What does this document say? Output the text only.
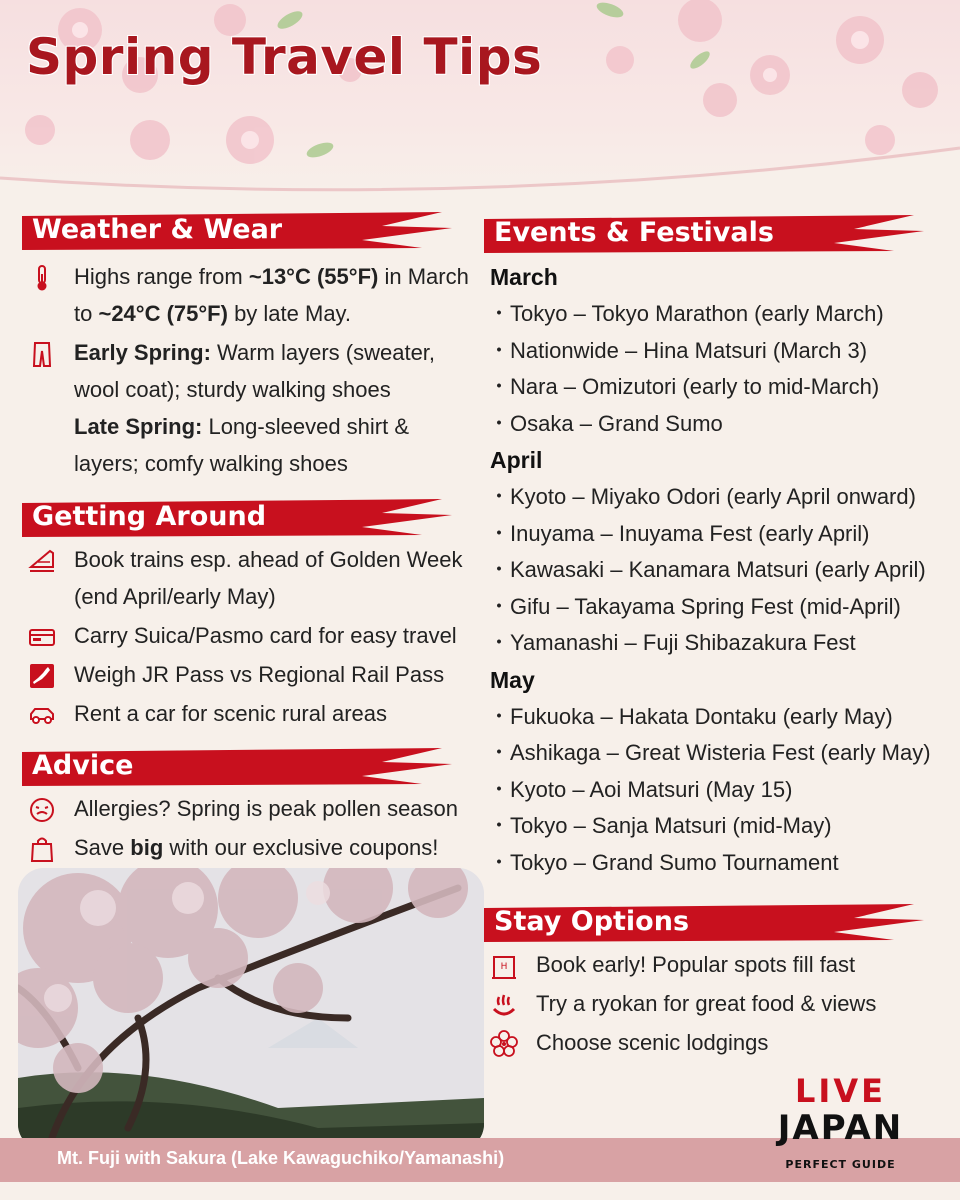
Spring Travel Tips
Weather & Wear
Highs range from ~13°C (55°F) in March to ~24°C (75°F) by late May.
Early Spring: Warm layers (sweater, wool coat); sturdy walking shoes
Late Spring: Long-sleeved shirt & layers; comfy walking shoes
Getting Around
Book trains esp. ahead of Golden Week (end April/early May)
Carry Suica/Pasmo card for easy travel
Weigh JR Pass vs Regional Rail Pass
Rent a car for scenic rural areas
Advice
Allergies? Spring is peak pollen season
Save big with our exclusive coupons!
Events & Festivals
March
・Tokyo – Tokyo Marathon (early March)
・Nationwide – Hina Matsuri (March 3)
・Nara – Omizutori (early to mid-March)
・Osaka – Grand Sumo
April
・Kyoto – Miyako Odori (early April onward)
・Inuyama – Inuyama Fest (early April)
・Kawasaki – Kanamara Matsuri (early April)
・Gifu – Takayama Spring Fest (mid-April)
・Yamanashi – Fuji Shibazakura Fest
May
・Fukuoka – Hakata Dontaku (early May)
・Ashikaga – Great Wisteria Fest (early May)
・Kyoto – Aoi Matsuri (May 15)
・Tokyo – Sanja Matsuri (mid-May)
・Tokyo – Grand Sumo Tournament
Stay Options
H Book early! Popular spots fill fast
Try a ryokan for great food & views
Choose scenic lodgings
Mt. Fuji with Sakura (Lake Kawaguchiko/Yamanashi)
LIVE
JAPAN
PERFECT GUIDE
